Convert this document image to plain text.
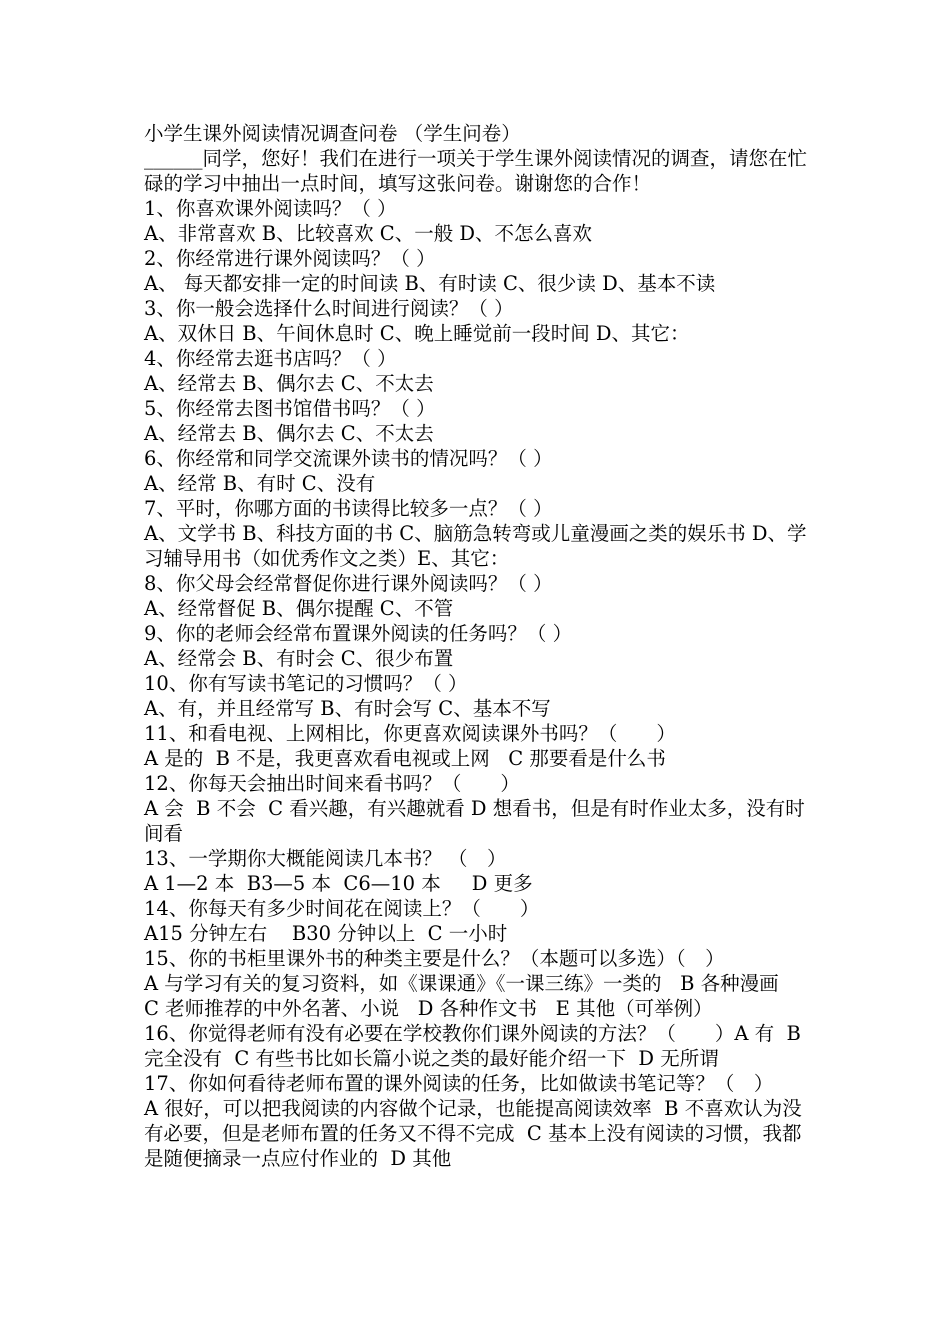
小学生课外阅读情况调查问卷 （学生问卷）
______同学，您好！我们在进行一项关于学生课外阅读情况的调查，请您在忙碌的学习中抽出一点时间，填写这张问卷。谢谢您的合作！
1、你喜欢课外阅读吗？（ ）
A、非常喜欢 B、比较喜欢 C、一般 D、不怎么喜欢
2、你经常进行课外阅读吗？（ ）
A、 每天都安排一定的时间读 B、有时读 C、很少读 D、基本不读
3、你一般会选择什么时间进行阅读？（ ）
A、双休日 B、午间休息时 C、晚上睡觉前一段时间 D、其它：
4、你经常去逛书店吗？（ ）
A、经常去 B、偶尔去 C、不太去
5、你经常去图书馆借书吗？（ ）
A、经常去 B、偶尔去 C、不太去
6、你经常和同学交流课外读书的情况吗？（ ）
A、经常 B、有时 C、没有
7、平时，你哪方面的书读得比较多一点？（ ）
A、文学书 B、科技方面的书 C、脑筋急转弯或儿童漫画之类的娱乐书 D、学习辅导用书（如优秀作文之类）E、其它：
8、你父母会经常督促你进行课外阅读吗？（ ）
A、经常督促 B、偶尔提醒 C、不管
9、你的老师会经常布置课外阅读的任务吗？（ ）
A、经常会 B、有时会 C、很少布置
10、你有写读书笔记的习惯吗？（ ）
A、有，并且经常写 B、有时会写 C、基本不写
11、和看电视、上网相比，你更喜欢阅读课外书吗？（　　）
A 是的  B 不是，我更喜欢看电视或上网   C 那要看是什么书
12、你每天会抽出时间来看书吗？（　　）
A 会  B 不会  C 看兴趣，有兴趣就看 D 想看书，但是有时作业太多，没有时间看
13、一学期你大概能阅读几本书？ （　）
A 1—2 本  B3—5 本  C6—10 本     D 更多
14、你每天有多少时间花在阅读上？（　　）
A15 分钟左右    B30 分钟以上  C 一小时
15、你的书柜里课外书的种类主要是什么？（本题可以多选）（　）
A 与学习有关的复习资料，如《课课通》《一课三练》一类的   B 各种漫画   C 老师推荐的中外名著、小说   D 各种作文书   E 其他（可举例）
16、你觉得老师有没有必要在学校教你们课外阅读的方法？（　　）A 有  B 完全没有  C 有些书比如长篇小说之类的最好能介绍一下  D 无所谓
17、你如何看待老师布置的课外阅读的任务，比如做读书笔记等？（　）
A 很好，可以把我阅读的内容做个记录，也能提高阅读效率  B 不喜欢认为没有必要，但是老师布置的任务又不得不完成  C 基本上没有阅读的习惯，我都是随便摘录一点应付作业的  D 其他
